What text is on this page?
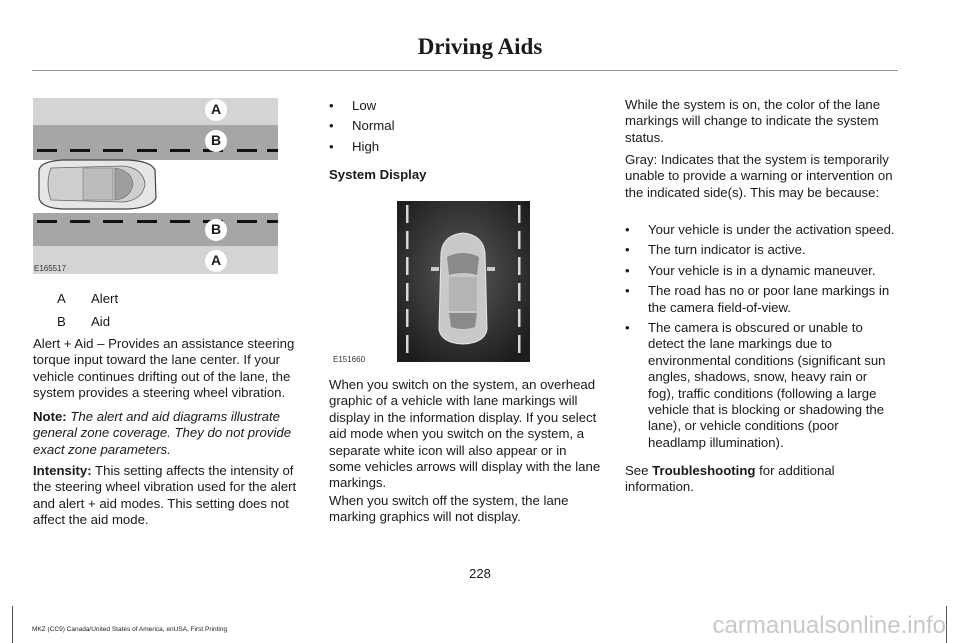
Driving Aids
A
B
B
A
E165517
A Alert
B Aid
Alert + Aid – Provides an assistance steering torque input toward the lane center. If your vehicle continues drifting out of the lane, the system provides a steering wheel vibration.
Note: The alert and aid diagrams illustrate general zone coverage. They do not provide exact zone parameters.
Intensity: This setting affects the intensity of the steering wheel vibration used for the alert and alert + aid modes. This setting does not affect the aid mode.
• Low
• Normal
• High
System Display
E151660
When you switch on the system, an overhead graphic of a vehicle with lane markings will display in the information display. If you select aid mode when you switch on the system, a separate white icon will also appear or in some vehicles arrows will display with the lane markings.
When you switch off the system, the lane marking graphics will not display.
While the system is on, the color of the lane markings will change to indicate the system status.
Gray: Indicates that the system is temporarily unable to provide a warning or intervention on the indicated side(s). This may be because:
• Your vehicle is under the activation speed.
• The turn indicator is active.
• Your vehicle is in a dynamic maneuver.
• The road has no or poor lane markings in the camera field-of-view.
• The camera is obscured or unable to detect the lane markings due to environmental conditions (significant sun angles, shadows, snow, heavy rain or fog), traffic conditions (following a large vehicle that is blocking or shadowing the lane), or vehicle conditions (poor headlamp illumination).
See Troubleshooting for additional information.
228
MKZ (CC9) Canada/United States of America, enUSA, First Printing	carmanualsonline.info
